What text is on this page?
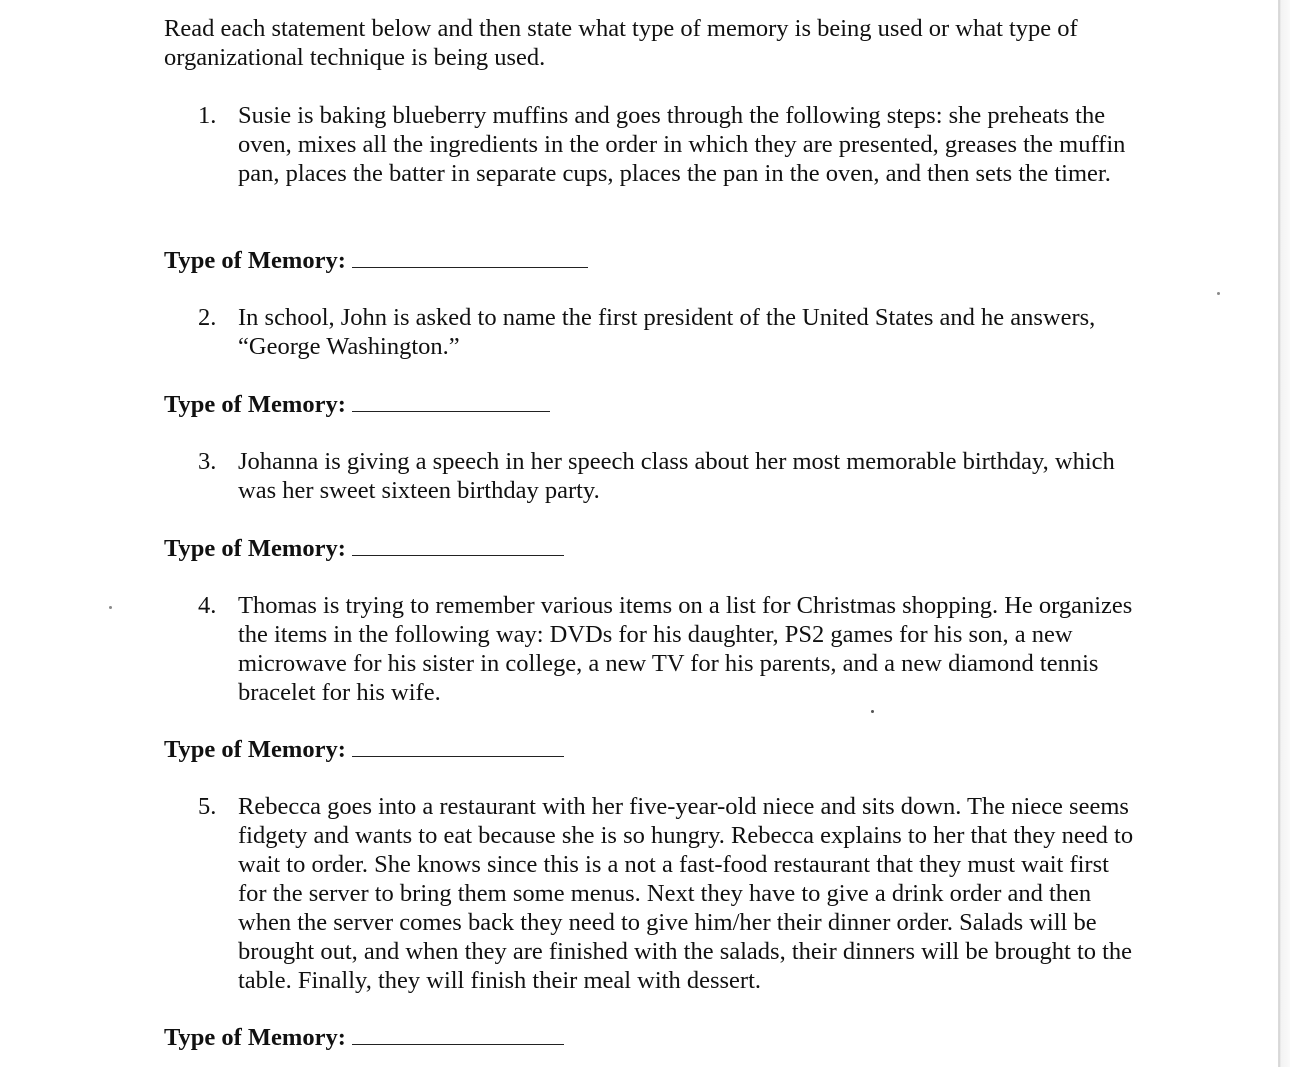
Read each statement below and then state what type of memory is being used or what type of organizational technique is being used.

1. Susie is baking blueberry muffins and goes through the following steps: she preheats the oven, mixes all the ingredients in the order in which they are presented, greases the muffin pan, places the batter in separate cups, places the pan in the oven, and then sets the timer.

Type of Memory:
2. In school, John is asked to name the first president of the United States and he answers, “George Washington.”

Type of Memory:
3. Johanna is giving a speech in her speech class about her most memorable birthday, which was her sweet sixteen birthday party.

Type of Memory:
4. Thomas is trying to remember various items on a list for Christmas shopping. He organizes the items in the following way: DVDs for his daughter, PS2 games for his son, a new microwave for his sister in college, a new TV for his parents, and a new diamond tennis bracelet for his wife.

Type of Memory:
5. Rebecca goes into a restaurant with her five-year-old niece and sits down. The niece seems fidgety and wants to eat because she is so hungry. Rebecca explains to her that they need to wait to order. She knows since this is a not a fast-food restaurant that they must wait first for the server to bring them some menus. Next they have to give a drink order and then when the server comes back they need to give him/her their dinner order. Salads will be brought out, and when they are finished with the salads, their dinners will be brought to the table. Finally, they will finish their meal with dessert.

Type of Memory:
